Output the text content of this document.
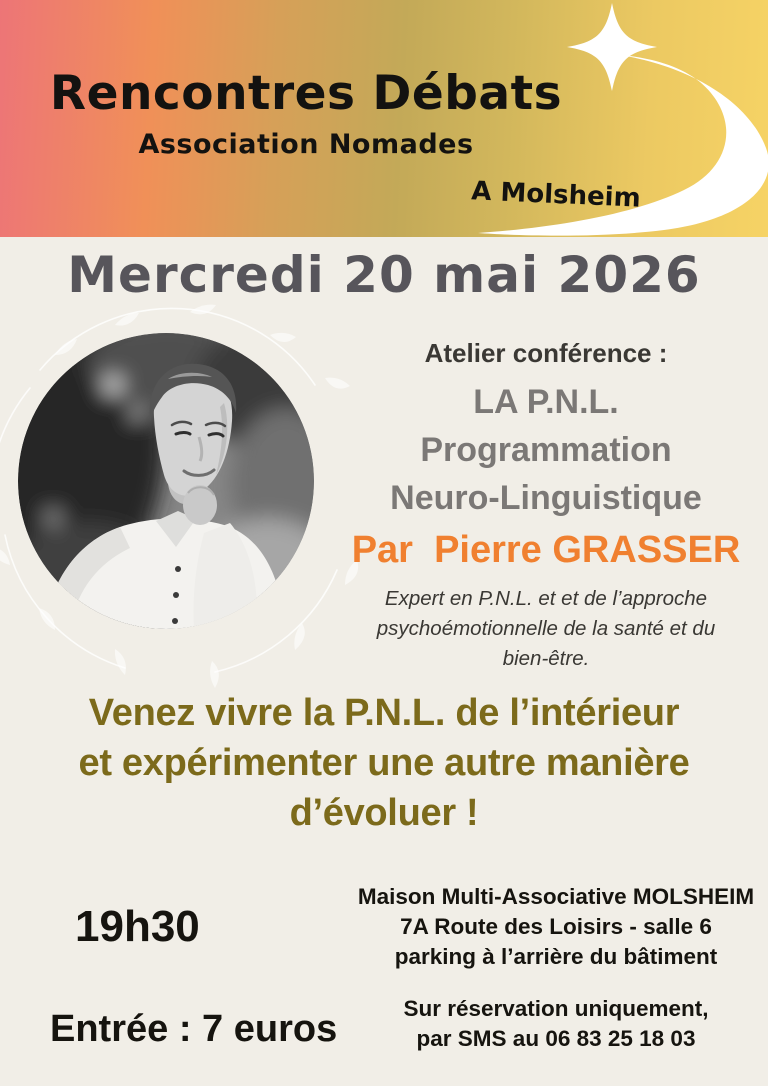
Rencontres Débats
Association Nomades
A Molsheim
Mercredi 20 mai 2026
Atelier conférence :
LA P.N.L.
Programmation
Neuro-Linguistique
Par  Pierre GRASSER
Expert en P.N.L. et et de l’approche
psychoémotionnelle de la santé et du
bien-être.
Venez vivre la P.N.L. de l’intérieur
et expérimenter une autre manière
d’évoluer !
19h30
Entrée : 7 euros
Maison Multi-Associative MOLSHEIM
7A Route des Loisirs - salle 6
parking à l’arrière du bâtiment
Sur réservation uniquement,
par SMS au 06 83 25 18 03
